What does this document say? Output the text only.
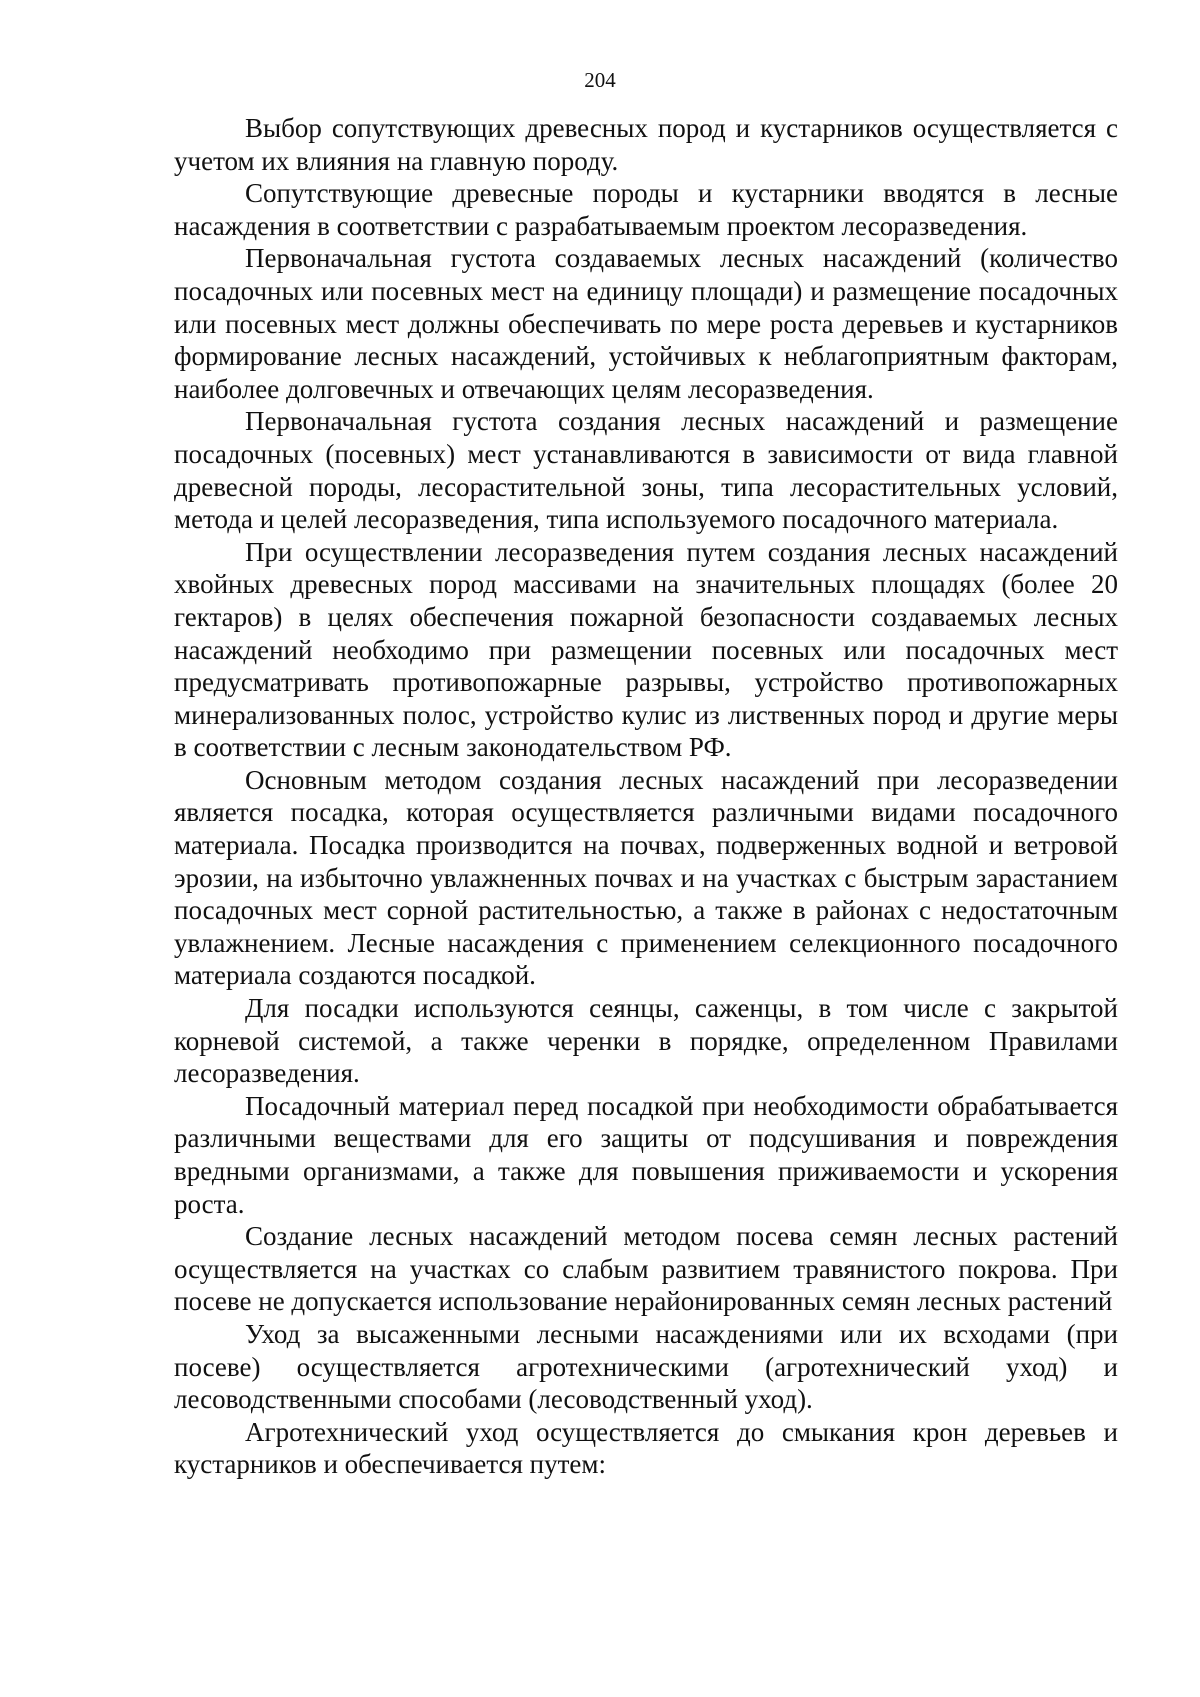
204

Выбор сопутствующих древесных пород и кустарников осуществляется с учетом их влияния на главную породу.

Сопутствующие древесные породы и кустарники вводятся в лесные насаждения в соответствии с разрабатываемым проектом лесоразведения.

Первоначальная густота создаваемых лесных насаждений (количество посадочных или посевных мест на единицу площади) и размещение посадочных или посевных мест должны обеспечивать по мере роста деревьев и кустарников формирование лесных насаждений, устойчивых к неблагоприятным факторам, наиболее долговечных и отвечающих целям лесоразведения.

Первоначальная густота создания лесных насаждений и размещение посадочных (посевных) мест устанавливаются в зависимости от вида главной древесной породы, лесорастительной зоны, типа лесорастительных условий, метода и целей лесоразведения, типа используемого посадочного материала.

При осуществлении лесоразведения путем создания лесных насаждений хвойных древесных пород массивами на значительных площадях (более 20 гектаров) в целях обеспечения пожарной безопасности создаваемых лесных насаждений необходимо при размещении посевных или посадочных мест предусматривать противопожарные разрывы, устройство противопожарных минерализованных полос, устройство кулис из лиственных пород и другие меры в соответствии с лесным законодательством РФ.

Основным методом создания лесных насаждений при лесоразведении является посадка, которая осуществляется различными видами посадочного материала. Посадка производится на почвах, подверженных водной и ветровой эрозии, на избыточно увлажненных почвах и на участках с быстрым зарастанием посадочных мест сорной растительностью, а также в районах с недостаточным увлажнением. Лесные насаждения с применением селекционного посадочного материала создаются посадкой.

Для посадки используются сеянцы, саженцы, в том числе с закрытой корневой системой, а также черенки в порядке, определенном Правилами лесоразведения.

Посадочный материал перед посадкой при необходимости обрабатывается различными веществами для его защиты от подсушивания и повреждения вредными организмами, а также для повышения приживаемости и ускорения роста.

Создание лесных насаждений методом посева семян лесных растений осуществляется на участках со слабым развитием травянистого покрова. При посеве не допускается использование нерайонированных семян лесных растений

Уход за высаженными лесными насаждениями или их всходами (при посеве) осуществляется агротехническими (агротехнический уход) и лесоводственными способами (лесоводственный уход).

Агротехнический уход осуществляется до смыкания крон деревьев и кустарников и обеспечивается путем:
